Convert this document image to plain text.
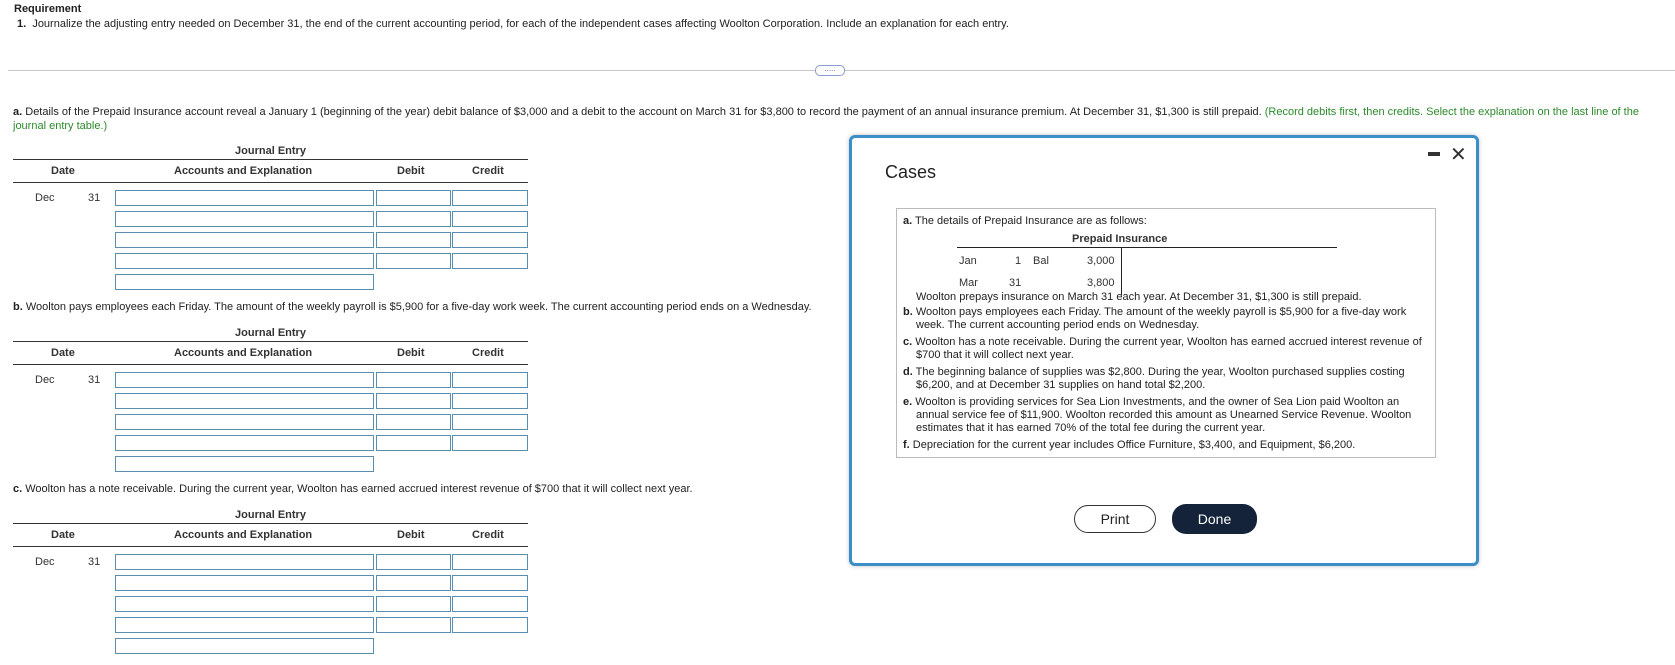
Requirement
1. Journalize the adjusting entry needed on December 31, the end of the current accounting period, for each of the independent cases affecting Woolton Corporation. Include an explanation for each entry.
.....
a. Details of the Prepaid Insurance account reveal a January 1 (beginning of the year) debit balance of $3,000 and a debit to the account on March 31 for $3,800 to record the payment of an annual insurance premium. At December 31, $1,300 is still prepaid. (Record debits first, then credits. Select the explanation on the last line of the
journal entry table.)
Journal Entry
Date	Accounts and Explanation	Debit	Credit
Dec	31
b. Woolton pays employees each Friday. The amount of the weekly payroll is $5,900 for a five-day work week. The current accounting period ends on a Wednesday.
Journal Entry
Date	Accounts and Explanation	Debit	Credit
Dec	31
c. Woolton has a note receivable. During the current year, Woolton has earned accrued interest revenue of $700 that it will collect next year.
Journal Entry
Date	Accounts and Explanation	Debit	Credit
Dec	31
Cases
✕
a. The details of Prepaid Insurance are as follows:
Prepaid Insurance
Jan	1 Bal	3,000
Mar	31	3,800
Woolton prepays insurance on March 31 each year. At December 31, $1,300 is still prepaid.
b. Woolton pays employees each Friday. The amount of the weekly payroll is $5,900 for a five-day work
week. The current accounting period ends on Wednesday.
c. Woolton has a note receivable. During the current year, Woolton has earned accrued interest revenue of
$700 that it will collect next year.
d. The beginning balance of supplies was $2,800. During the year, Woolton purchased supplies costing
$6,200, and at December 31 supplies on hand total $2,200.
e. Woolton is providing services for Sea Lion Investments, and the owner of Sea Lion paid Woolton an
annual service fee of $11,900. Woolton recorded this amount as Unearned Service Revenue. Woolton
estimates that it has earned 70% of the total fee during the current year.
f. Depreciation for the current year includes Office Furniture, $3,400, and Equipment, $6,200.
Print	Done
